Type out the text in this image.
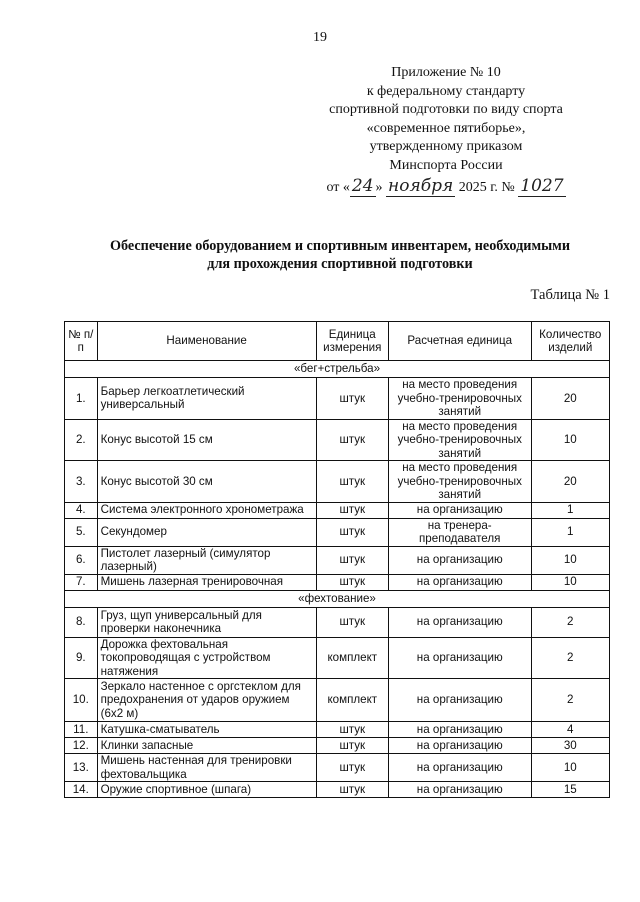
19
Приложение № 10
к федеральному стандарту
спортивной подготовки по виду спорта
«современное пятиборье»,
утвержденному приказом
Минспорта России
от « 24 » ноября 2025 г. № 1027
Обеспечение оборудованием и спортивным инвентарем, необходимыми
для прохождения спортивной подготовки
Таблица № 1
№ п/п	Наименование	Единица измерения	Расчетная единица	Количество изделий
«бег+стрельба»				
1.	Барьер легкоатлетический универсальный	штук	на место проведения учебно-тренировочных занятий	20
2.	Конус высотой 15 см	штук	на место проведения учебно-тренировочных занятий	10
3.	Конус высотой 30 см	штук	на место проведения учебно-тренировочных занятий	20
4.	Система электронного хронометража	штук	на организацию	1
5.	Секундомер	штук	на тренера-преподавателя	1
6.	Пистолет лазерный (симулятор лазерный)	штук	на организацию	10
7.	Мишень лазерная тренировочная	штук	на организацию	10
«фехтование»				
8.	Груз, щуп универсальный для проверки наконечника	штук	на организацию	2
9.	Дорожка фехтовальная токопроводящая с устройством натяжения	комплект	на организацию	2
10.	Зеркало настенное с оргстеклом для предохранения от ударов оружием (6х2 м)	комплект	на организацию	2
11.	Катушка-сматыватель	штук	на организацию	4
12.	Клинки запасные	штук	на организацию	30
13.	Мишень настенная для тренировки фехтовальщика	штук	на организацию	10
14.	Оружие спортивное (шпага)	штук	на организацию	15
